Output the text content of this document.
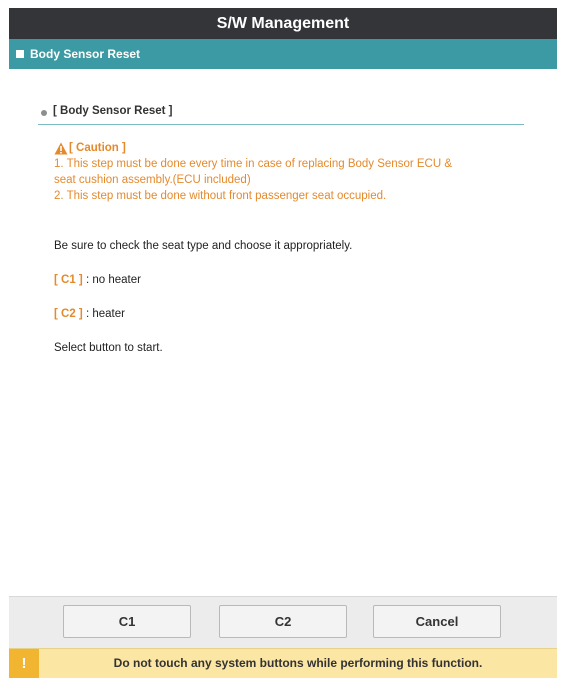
S/W Management
Body Sensor Reset
[ Body Sensor Reset ]
[ Caution ]
1. This step must be done every time in case of replacing Body Sensor ECU &
seat cushion assembly.(ECU included)
2. This step must be done without front passenger seat occupied.
Be sure to check the seat type and choose it appropriately.
[ C1 ] : no heater
[ C2 ] : heater
Select button to start.
C1	C2	Cancel
!	Do not touch any system buttons while performing this function.
